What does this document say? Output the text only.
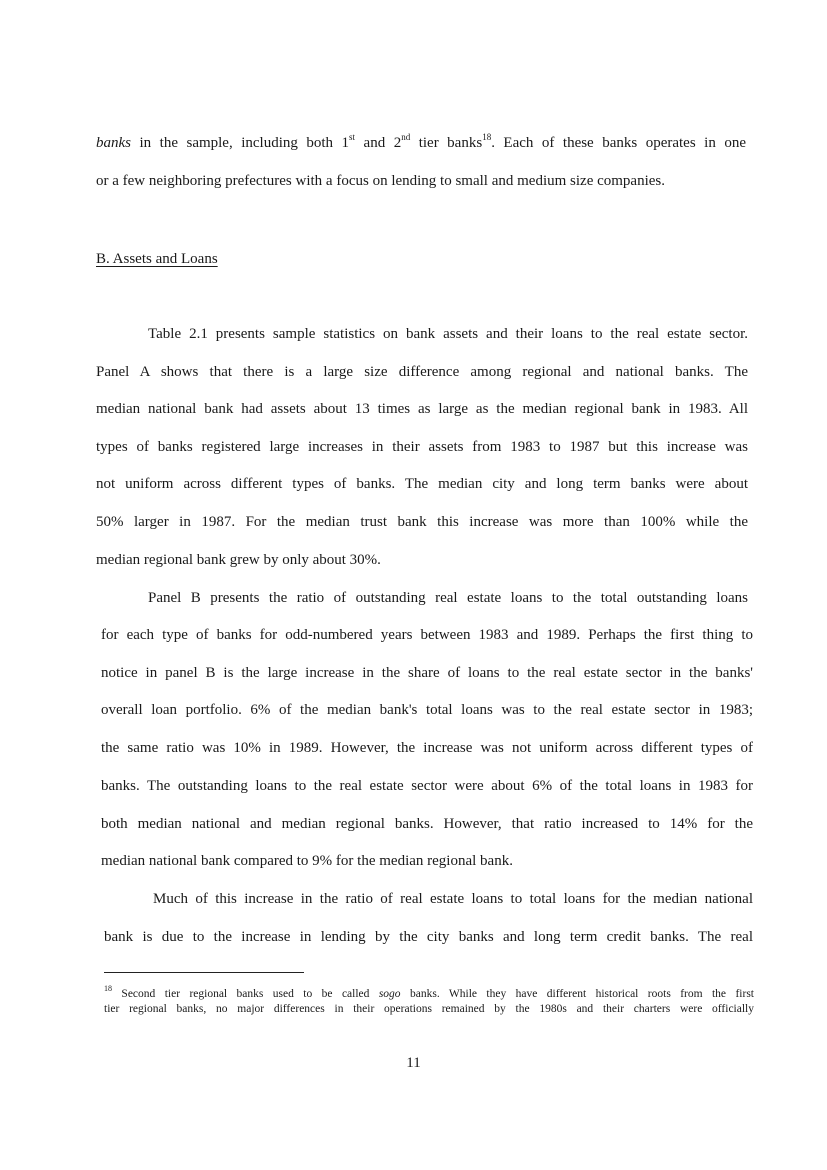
banks in the sample, including both 1st and 2nd tier banks$^{18}$. Each of these banks operates in one
or a few neighboring prefectures with a focus on lending to small and medium size companies.
B. Assets and Loans
Table 2.1 presents sample statistics on bank assets and their loans to the real estate sector.
Panel A shows that there is a large size difference among regional and national banks. The
median national bank had assets about 13 times as large as the median regional bank in 1983. All
types of banks registered large increases in their assets from 1983 to 1987 but this increase was
not uniform across different types of banks. The median city and long term banks were about
50% larger in 1987. For the median trust bank this increase was more than 100% while the
median regional bank grew by only about 30%.
Panel B presents the ratio of outstanding real estate loans to the total outstanding loans
for each type of banks for odd-numbered years between 1983 and 1989. Perhaps the first thing to
notice in panel B is the large increase in the share of loans to the real estate sector in the banks'
overall loan portfolio. 6% of the median bank's total loans was to the real estate sector in 1983;
the same ratio was 10% in 1989. However, the increase was not uniform across different types of
banks. The outstanding loans to the real estate sector were about 6% of the total loans in 1983 for
both median national and median regional banks. However, that ratio increased to 14% for the
median national bank compared to 9% for the median regional bank.
Much of this increase in the ratio of real estate loans to total loans for the median national
bank is due to the increase in lending by the city banks and long term credit banks. The real
$^{18}$ Second tier regional banks used to be called sogo banks. While they have different historical roots from the first
tier regional banks, no major differences in their operations remained by the 1980s and their charters were officially
11
